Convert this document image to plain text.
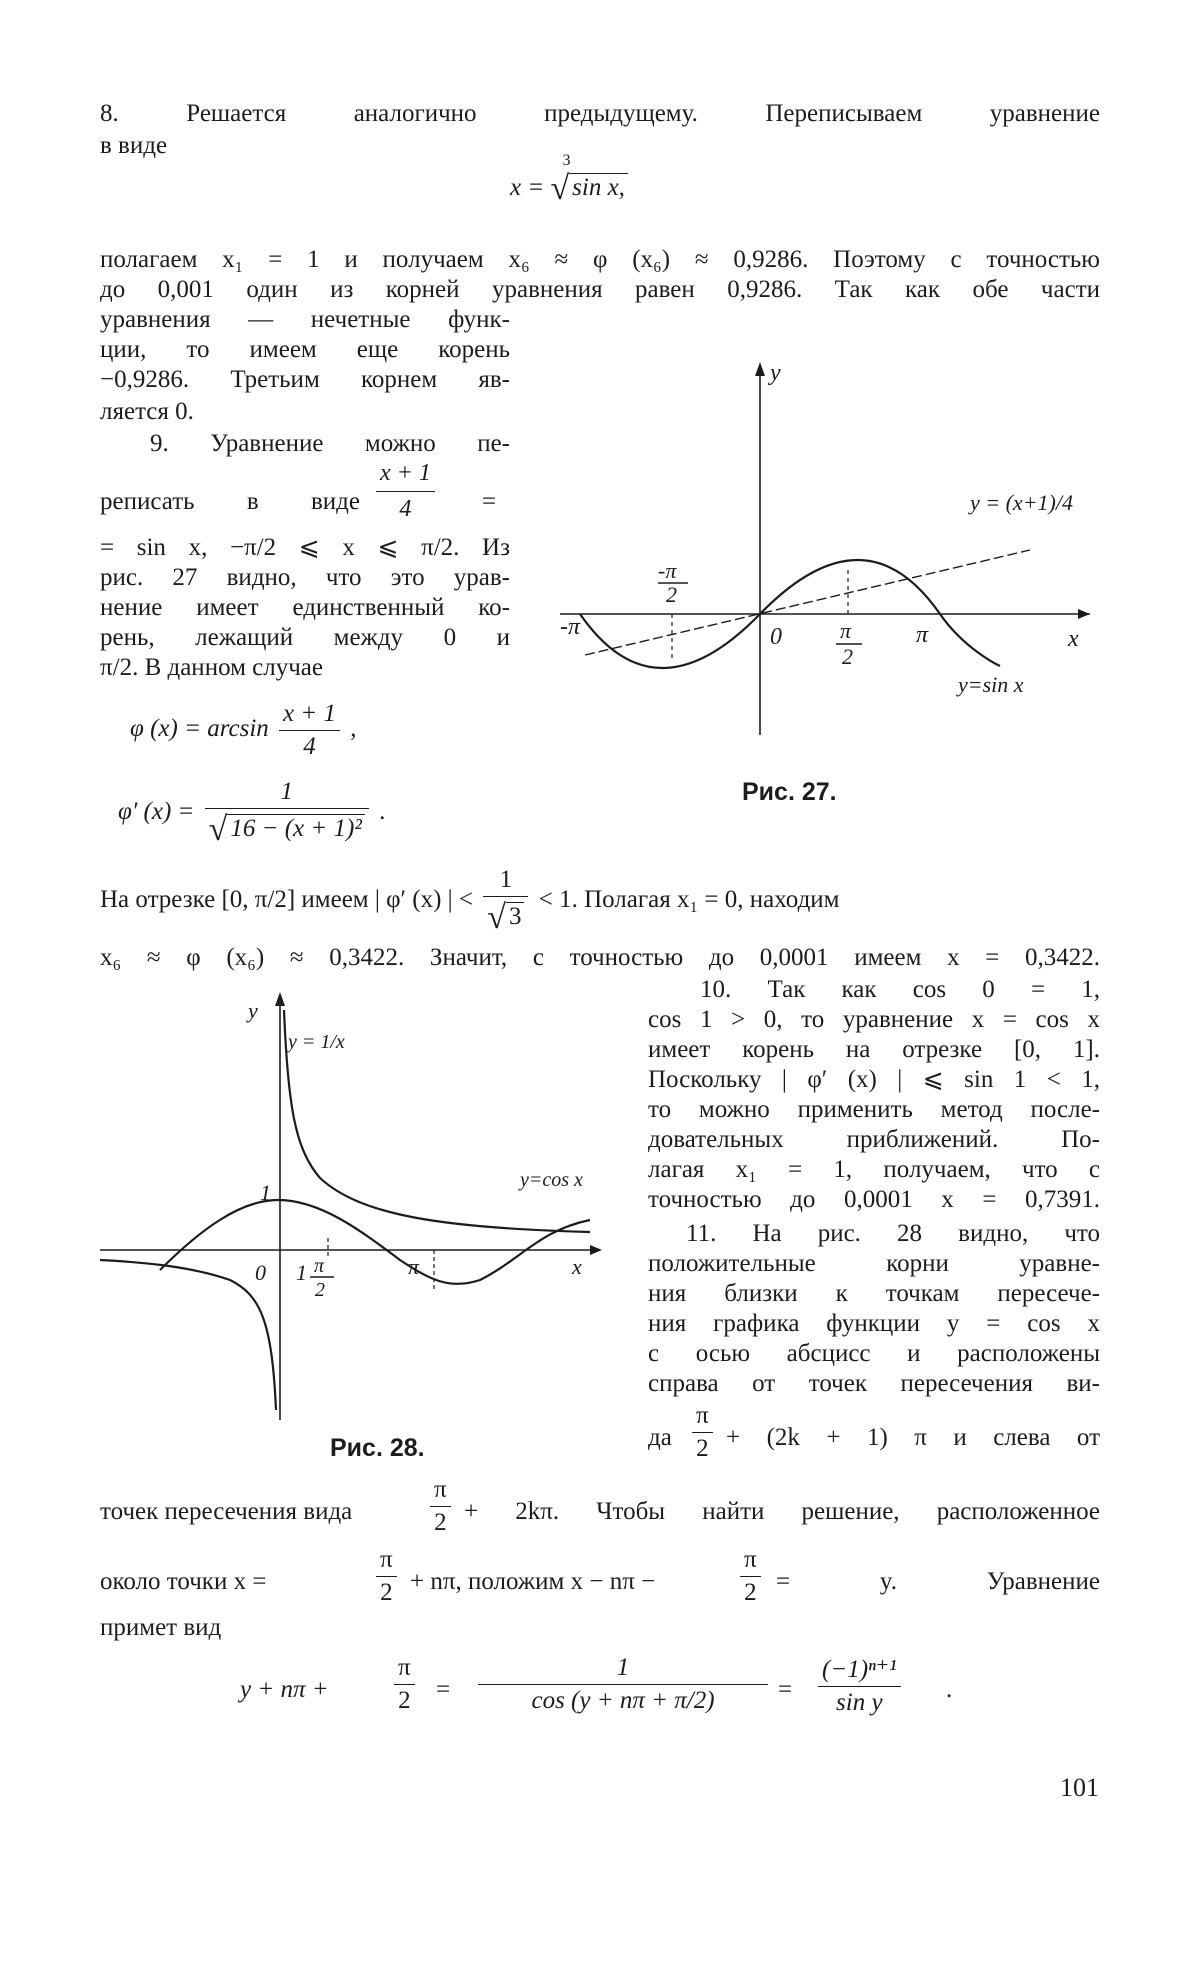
8. Решается аналогично предыдущему. Переписываем уравнение
в виде
x =
3
√ sin x,
полагаем x₁ = 1 и получаем x₆ ≈ φ (x₆) ≈ 0,9286. Поэтому с точностью
до 0,001 один из корней уравнения равен 0,9286. Так как обе части
уравнения — нечетные функ-
ции, то имеем еще корень
−0,9286. Третьим корнем яв-
ляется 0.
9. Уравнение можно пе-
реписать в виде $\frac{x + 1}{4}$ =
= sin x, −π/2 ⩽ x ⩽ π/2. Из
рис. 27 видно, что это урав-
нение имеет единственный ко-
рень, лежащий между 0 и
π/2. В данном случае
φ $(x) = \arcsin \frac{x + 1}{4}$ ,
φ′ $(x) = \frac{1}{\text{√ 16 − (x + 1)²}}$ .
На отрезке [0, π/2] имеем | φ′ (x) | < $\frac{1}{√ 3} < 1$. Полагая x₁ = 0, находим
x₆ ≈ φ (x₆) ≈ 0,3422. Значит, с точностью до 0,0001 имеем x = 0,3422.
10. Так как cos 0 = 1,
cos 1 > 0, то уравнение x = cos x
имеет корень на отрезке [0, 1].
Поскольку | φ′ (x) | ⩽ sin 1 < 1,
то можно применить метод после-
довательных приближений. По-
лагая x₁ = 1, получаем, что с
точностью до 0,0001 x = 0,7391.
11. На рис. 28 видно, что
положительные корни уравне-
ния близки к точкам пересече-
ния графика функции y = cos x
с осью абсцисс и расположены
справа от точек пересечения ви-
да $\frac{\pi}{2} + (2k + 1)$ π и слева от
точек пересечения вида	$\frac{\pi}{2} + 2k\pi$. Чтобы найти решение, расположенное
около точки x =	$\frac{\pi}{2} + n\pi$, положим x − nπ −	$\frac{\pi}{2} = y$. Уравнение
примет вид
y + nπ +	$\frac{\pi}{2} = \frac{1}{\cos (y + n\pi + \pi/2)} = \frac{\text{(−1)ⁿ⁺¹}}{\text{sin y}}$ .
101
y
x
0
-π	π
-π
2
π
2
y = (x+1)/4
y=sin x
Рис. 27.
y
x
0
1
1 π
2
π
y = 1/x
y=cos x
Рис. 28.
